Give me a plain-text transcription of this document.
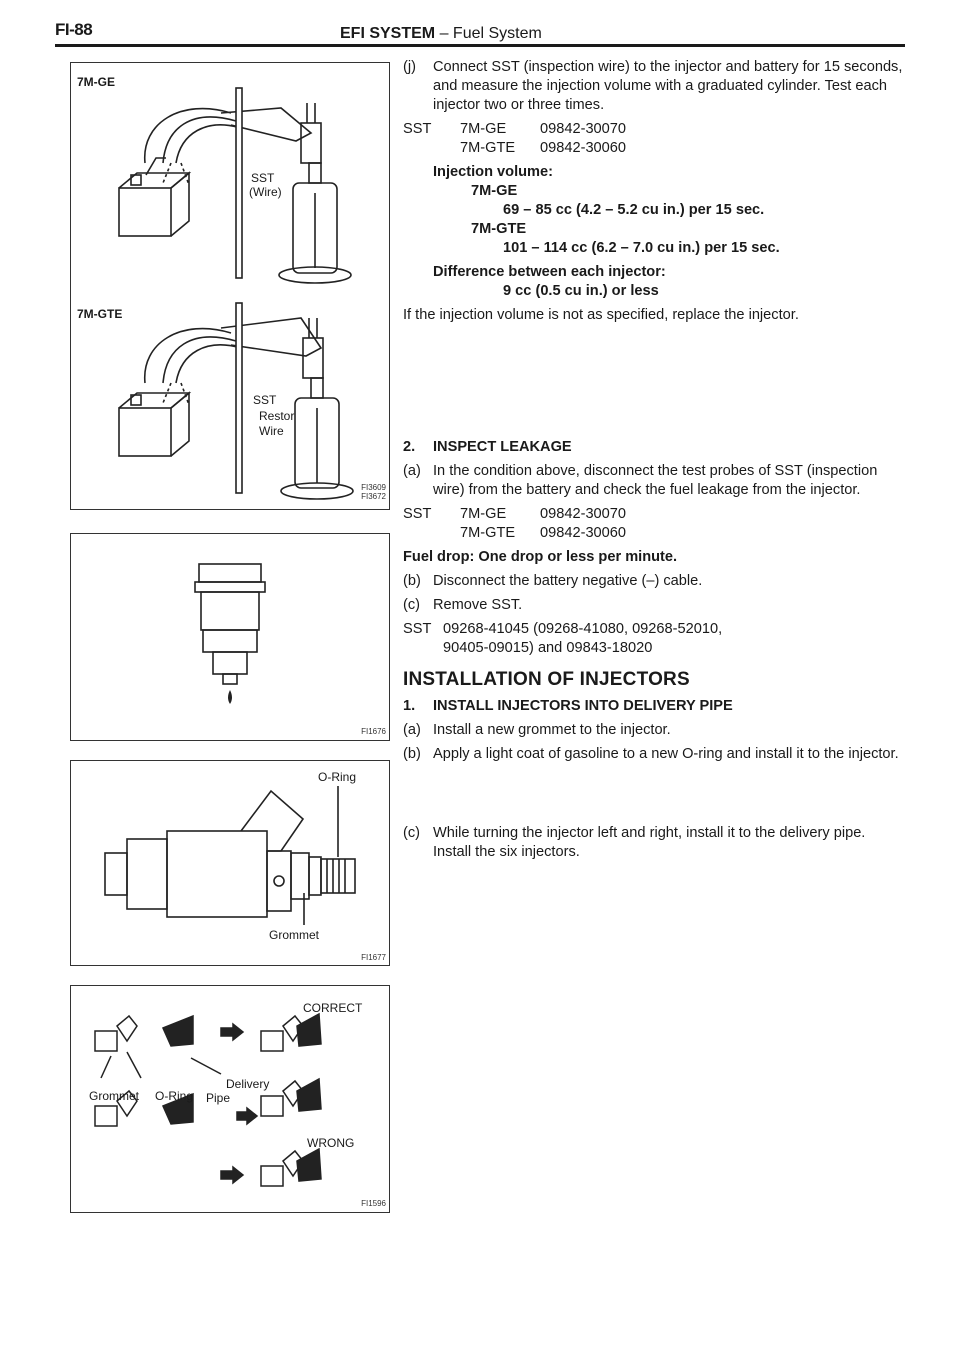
FI-88	EFI SYSTEM – Fuel System
7M-GE
7M-GTE
SST
(Wire)
SST
Restor
Wire
FI3609
FI3672
FI1676
O-Ring
Grommet
FI1677
CORRECT
Delivery
Grommet O-Ring Pipe
WRONG
FI1596
(j)	Connect SST (inspection wire) to the injector and battery for 15 seconds, and measure the injection volume with a graduated cylinder. Test each injector two or three times.
SST	7M-GE	09842-30070
7M-GTE	09842-30060
Injection volume:
7M-GE
69 – 85 cc (4.2 – 5.2 cu in.) per 15 sec.
7M-GTE
101 – 114 cc (6.2 – 7.0 cu in.) per 15 sec.
Difference between each injector:
9 cc (0.5 cu in.) or less
If the injection volume is not as specified, replace the injector.
2.	INSPECT LEAKAGE
(a) In the condition above, disconnect the test probes of SST (inspection wire) from the battery and check the fuel leakage from the injector.
SST	7M-GE	09842-30070
7M-GTE	09842-30060
Fuel drop: One drop or less per minute.
(b) Disconnect the battery negative (–) cable.
(c) Remove SST.
SST 09268-41045 (09268-41080, 09268-52010,
90405-09015) and 09843-18020
INSTALLATION OF INJECTORS
1.	INSTALL INJECTORS INTO DELIVERY PIPE
(a) Install a new grommet to the injector.
(b) Apply a light coat of gasoline to a new O-ring and install it to the injector.
(c) While turning the injector left and right, install it to the delivery pipe. Install the six injectors.
